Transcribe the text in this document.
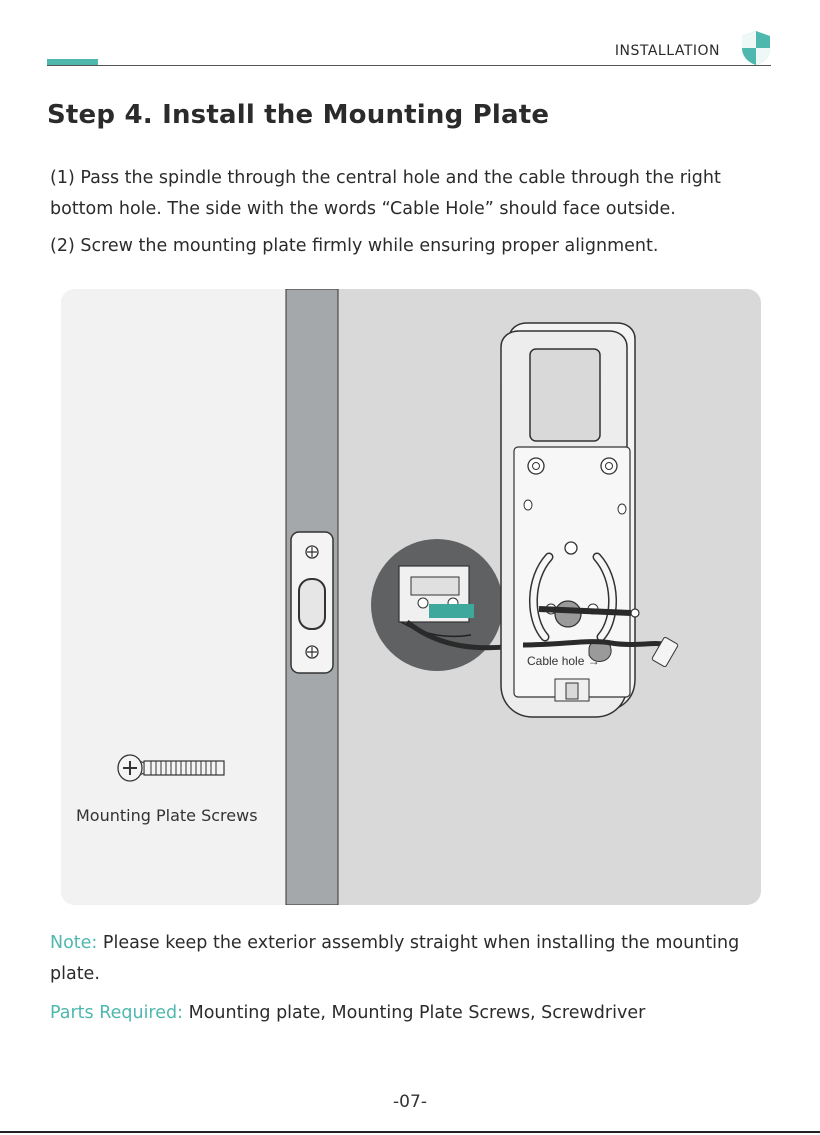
INSTALLATION
Step 4. Install the Mounting Plate

(1) Pass the spindle through the central hole and the cable through the right bottom hole. The side with the words “Cable Hole” should face outside.

(2) Screw the mounting plate firmly while ensuring proper alignment.

Mounting Plate Screws
Cable hole →

Note: Please keep the exterior assembly straight when installing the mounting plate.

Parts Required: Mounting plate, Mounting Plate Screws, Screwdriver

-07-
